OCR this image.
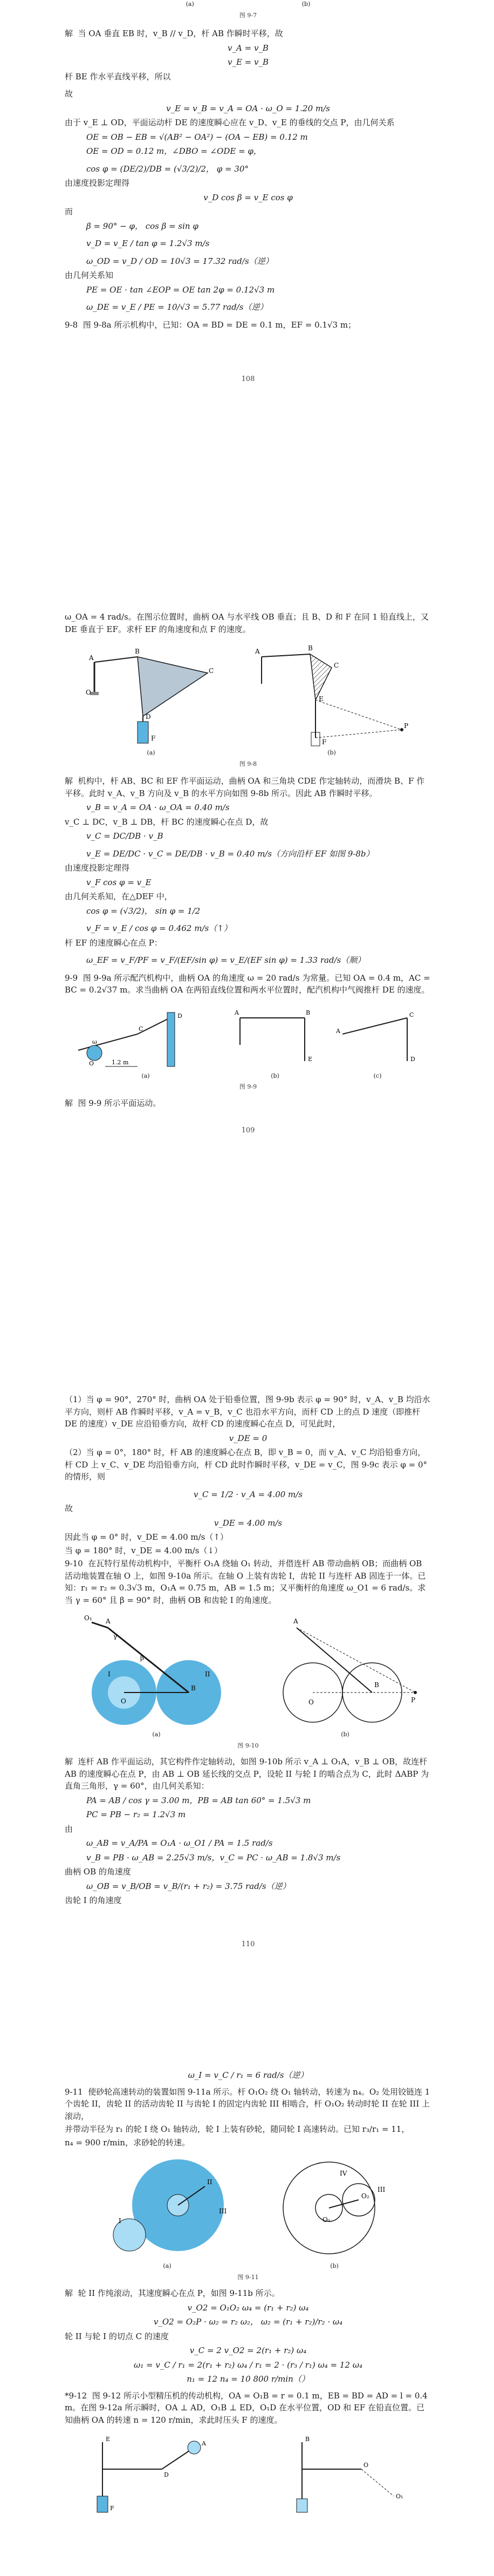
(a)	(b)
图 9-7
解  当 OA 垂直 EB 时，v_B // v_D，杆 AB 作瞬时平移，故
v_A = v_B
v_E = v_B
杆 BE 作水平直线平移，所以
故
v_E = v_B = v_A = OA · ω_O = 1.20 m/s
由于 v_E ⊥ OD，平面运动杆 DE 的速度瞬心应在 v_D、v_E 的垂线的交点 P，由几何关系
OE = OB − EB = √(AB² − OA²) − (OA − EB) = 0.12 m
OE = OD = 0.12 m，∠DBO = ∠ODE = φ，
cos φ = (DE/2)/DB = (√3/2)/2， φ = 30°
由速度投影定理得
v_D cos β = v_E cos φ
而
β = 90° − φ， cos β = sin φ
v_D = v_E / tan φ = 1.2√3 m/s
ω_OD = v_D / OD = 10√3 = 17.32 rad/s（逆）
由几何关系知
PE = OE · tan ∠EOP = OE tan 2φ = 0.12√3 m
ω_DE = v_E / PE = 10/√3 = 5.77 rad/s（逆）
9-8  图 9-8a 所示机构中，已知：OA = BD = DE = 0.1 m，EF = 0.1√3 m；
108
ω_OA = 4 rad/s。在图示位置时，曲柄 OA 与水平线 OB 垂直；且 B、D 和 F 在同 1 铅直线上，又 DE 垂直于 EF。求杆 EF 的角速度和点 F 的速度。
A
B
C
D
F
O
(a)
A	B
C
E
P
F
(b)
图 9-8
解  机构中，杆 AB、BC 和 EF 作平面运动，曲柄 OA 和三角块 CDE 作定轴转动，而滑块 B、F 作平移。此时 v_A、v_B 方向及 v_B 的水平方向如图 9-8b 所示。因此 AB 作瞬时平移。
v_B = v_A = OA · ω_OA = 0.40 m/s
v_C ⊥ DC，v_B ⊥ DB，杆 BC 的速度瞬心在点 D，故
v_C = DC/DB · v_B
v_E = DE/DC · v_C = DE/DB · v_B = 0.40 m/s（方向沿杆 EF 如图 9-8b）
由速度投影定理得
v_F cos φ = v_E
由几何关系知，在△DEF 中，
cos φ = (√3/2)， sin φ = 1/2
v_F = v_E / cos φ = 0.462 m/s（↑）
杆 EF 的速度瞬心在点 P：
ω_EF = v_F/PF = v_F/(EF/sin φ) = v_E/(EF sin φ) = 1.33 rad/s（顺）
9-9  图 9-9a 所示配汽机构中，曲柄 OA 的角速度 ω = 20 rad/s 为常量。已知 OA = 0.4 m，AC = BC = 0.2√37 m。求当曲柄 OA 在两铅直线位置和两水平位置时，配汽机构中气阀推杆 DE 的速度。
1.2 m
ω
O
C
D
(a)
A	B
E
(b)
A
C
D
(c)
图 9-9
解  图 9-9 所示平面运动。
109
（1）当 φ = 90°，270° 时，曲柄 OA 处于铅垂位置，图 9-9b 表示 φ = 90° 时，v_A、v_B 均沿水平方向，则杆 AB 作瞬时平移，v_A = v_B，v_C 也沿水平方向，而杆 CD 上的点 D 速度（即推杆 DE 的速度）v_DE 应沿铅垂方向，故杆 CD 的速度瞬心在点 D，可见此时，
v_DE = 0
（2）当 φ = 0°，180° 时，杆 AB 的速度瞬心在点 B，即 v_B = 0，而 v_A、v_C 均沿铅垂方向，杆 CD 上 v_C、v_DE 均沿铅垂方向，杆 CD 此时作瞬时平移，v_DE = v_C，图 9-9c 表示 φ = 0° 的情形，则
v_C = 1/2 · v_A = 4.00 m/s
故
v_DE = 4.00 m/s
因此当 φ = 0° 时，v_DE = 4.00 m/s（↑）
当 φ = 180° 时，v_DE = 4.00 m/s（↓）
9-10  在瓦特行星传动机构中，平衡杆 O₁A 绕轴 O₁ 转动，并借连杆 AB 带动曲柄 OB；而曲柄 OB 活动地装置在轴 O 上，如图 9-10a 所示。在轴 O 上装有齿轮 I，齿轮 II 与连杆 AB 固连于一体。已知：r₁ = r₂ = 0.3√3 m，O₁A = 0.75 m，AB = 1.5 m；又平衡杆的角速度 ω_O1 = 6 rad/s。求当 γ = 60° 且 β = 90° 时，曲柄 OB 和齿轮 I 的角速度。
A
B
O
O₁
I	II
β
γ
(a)
A
B
O	P
(b)
图 9-10
解  连杆 AB 作平面运动，其它构件作定轴转动，如图 9-10b 所示 v_A ⊥ O₁A，v_B ⊥ OB，故连杆 AB 的速度瞬心在点 P，由 AB ⊥ OB 延长线的交点 P，设轮 II 与轮 I 的啮合点为 C，此时 ΔABP 为直角三角形，γ = 60°，由几何关系知：
PA = AB / cos γ = 3.00 m，PB = AB tan 60° = 1.5√3 m
PC = PB − r₂ = 1.2√3 m
由
ω_AB = v_A/PA = O₁A · ω_O1 / PA = 1.5 rad/s
v_B = PB · ω_AB = 2.25√3 m/s，v_C = PC · ω_AB = 1.8√3 m/s
曲柄 OB 的角速度
ω_OB = v_B/OB = v_B/(r₁ + r₂) = 3.75 rad/s（逆）
齿轮 I 的角速度
110
ω_I = v_C / r₁ = 6 rad/s（逆）
9-11  使砂轮高速转动的装置如图 9-11a 所示。杆 O₁O₂ 绕 O₁ 轴转动，转速为 n₄。O₂ 处用铰链连 1 个齿轮 II，齿轮 II 的活动齿轮 II 与齿轮 I 的固定内齿轮 III 相啮合，杆 O₁O₂ 转动时轮 II 在轮 III 上滚动，
并带动半径为 r₁ 的轮 I 绕 O₁ 轴转动，轮 I 上装有砂轮，随同轮 I 高速转动。已知 r₃/r₁ = 11，
n₄ = 900 r/min，求砂轮的转速。
I
II
III
(a)
O₁
O₂
IV
III
(b)
图 9-11
解  轮 II 作纯滚动，其速度瞬心在点 P，如图 9-11b 所示。
v_O2 = O₁O₂ ω₄ = (r₁ + r₂) ω₄
v_O2 = O₂P · ω₂ = r₂ ω₂， ω₂ = (r₁ + r₂)/r₂ · ω₄
轮 II 与轮 I 的切点 C 的速度
v_C = 2 v_O2 = 2(r₁ + r₂) ω₄
ω₁ = v_C / r₁ = 2(r₁ + r₂) ω₄ / r₁ = 2 · (r₃ / r₁) ω₄ = 12 ω₄
n₁ = 12 n₄ = 10 800 r/min（）
*9-12  图 9-12 所示小型精压机的传动机构，OA = O₁B = r = 0.1 m，EB = BD = AD = l = 0.4 m。在图 9-12a 所示瞬时，OA ⊥ AD，O₁B ⊥ ED，O₁D 在水平位置，OD 和 EF 在铅直位置。已知曲柄 OA 的转速 n = 120 r/min，求此时压头 F 的速度。
E
D
A
F
B
O
O₁
